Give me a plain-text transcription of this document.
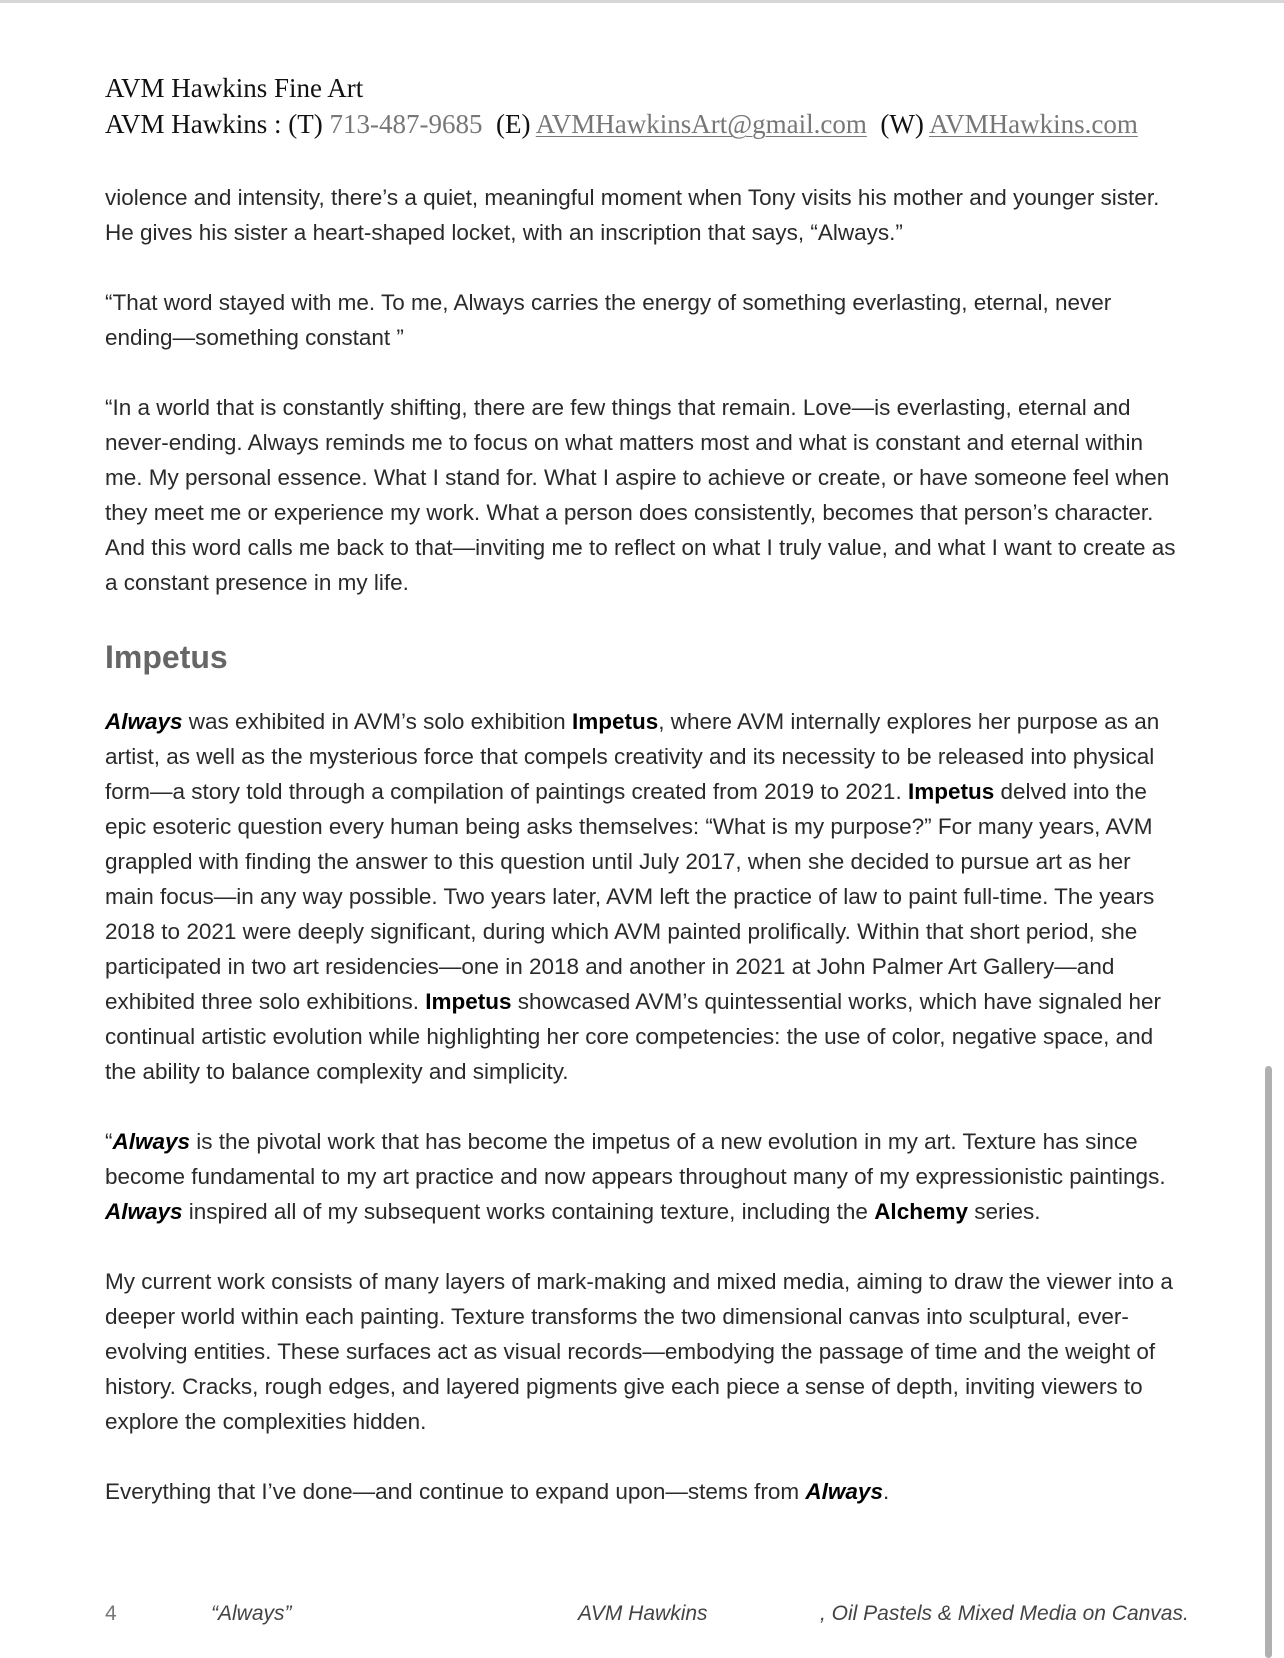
AVM Hawkins Fine Art
AVM Hawkins : (T) 713-487-9685 (E) AVMHawkinsArt@gmail.com (W) AVMHawkins.com

violence and intensity, there’s a quiet, meaningful moment when Tony visits his mother and younger sister. He gives his sister a heart-shaped locket, with an inscription that says, “Always.”

“That word stayed with me. To me, Always carries the energy of something everlasting, eternal, never ending—something constant ”

“In a world that is constantly shifting, there are few things that remain. Love—is everlasting, eternal and never-ending. Always reminds me to focus on what matters most and what is constant and eternal within me. My personal essence. What I stand for. What I aspire to achieve or create, or have someone feel when they meet me or experience my work. What a person does consistently, becomes that person’s character. And this word calls me back to that—inviting me to reflect on what I truly value, and what I want to create as a constant presence in my life.

Impetus

Always was exhibited in AVM’s solo exhibition Impetus, where AVM internally explores her purpose as an artist, as well as the mysterious force that compels creativity and its necessity to be released into physical form—a story told through a compilation of paintings created from 2019 to 2021. Impetus delved into the epic esoteric question every human being asks themselves: “What is my purpose?” For many years, AVM grappled with finding the answer to this question until July 2017, when she decided to pursue art as her main focus—in any way possible. Two years later, AVM left the practice of law to paint full-time. The years 2018 to 2021 were deeply significant, during which AVM painted prolifically. Within that short period, she participated in two art residencies—one in 2018 and another in 2021 at John Palmer Art Gallery—and exhibited three solo exhibitions. Impetus showcased AVM’s quintessential works, which have signaled her continual artistic evolution while highlighting her core competencies: the use of color, negative space, and the ability to balance complexity and simplicity.

“Always is the pivotal work that has become the impetus of a new evolution in my art. Texture has since become fundamental to my art practice and now appears throughout many of my expressionistic paintings. Always inspired all of my subsequent works containing texture, including the Alchemy series.

My current work consists of many layers of mark-making and mixed media, aiming to draw the viewer into a deeper world within each painting. Texture transforms the two dimensional canvas into sculptural, ever-evolving entities. These surfaces act as visual records—embodying the passage of time and the weight of history. Cracks, rough edges, and layered pigments give each piece a sense of depth, inviting viewers to explore the complexities hidden.

Everything that I’ve done—and continue to expand upon—stems from Always.

4	“Always”	AVM Hawkins	, Oil Pastels & Mixed Media on Canvas.
